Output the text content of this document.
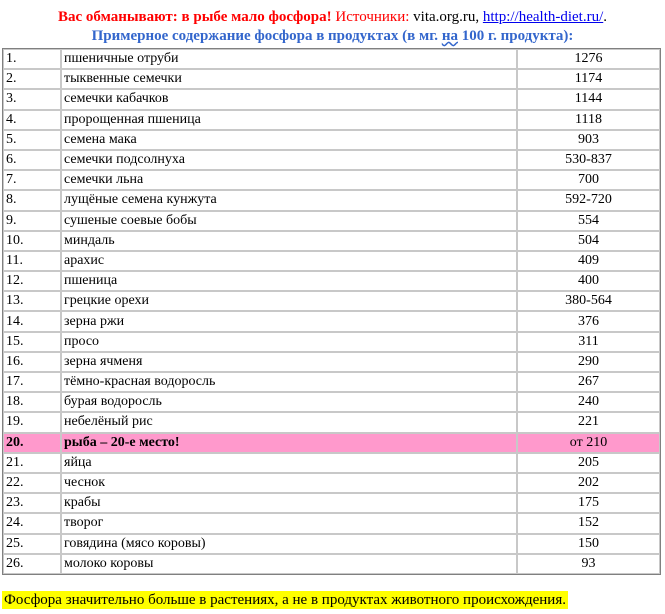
Вас обманывают: в рыбе мало фосфора! Источники: vita.org.ru, http://health-diet.ru/.
Примерное содержание фосфора в продуктах (в мг. на 100 г. продукта):
1.	пшеничные отруби	1276
2.	тыквенные семечки	1174
3.	семечки кабачков	1144
4.	пророщенная пшеница	1118
5.	семена мака	903
6.	семечки подсолнуха	530-837
7.	семечки льна	700
8.	лущёные семена кунжута	592-720
9.	сушеные соевые бобы	554
10.	миндаль	504
11.	арахис	409
12.	пшеница	400
13.	грецкие орехи	380-564
14.	зерна ржи	376
15.	просо	311
16.	зерна ячменя	290
17.	тёмно-красная водоросль	267
18.	бурая водоросль	240
19.	небелёный рис	221
20.	рыба – 20-е место!	от 210
21.	яйца	205
22.	чеснок	202
23.	крабы	175
24.	творог	152
25.	говядина (мясо коровы)	150
26.	молоко коровы	93
Фосфора значительно больше в растениях, а не в продуктах животного происхождения.
